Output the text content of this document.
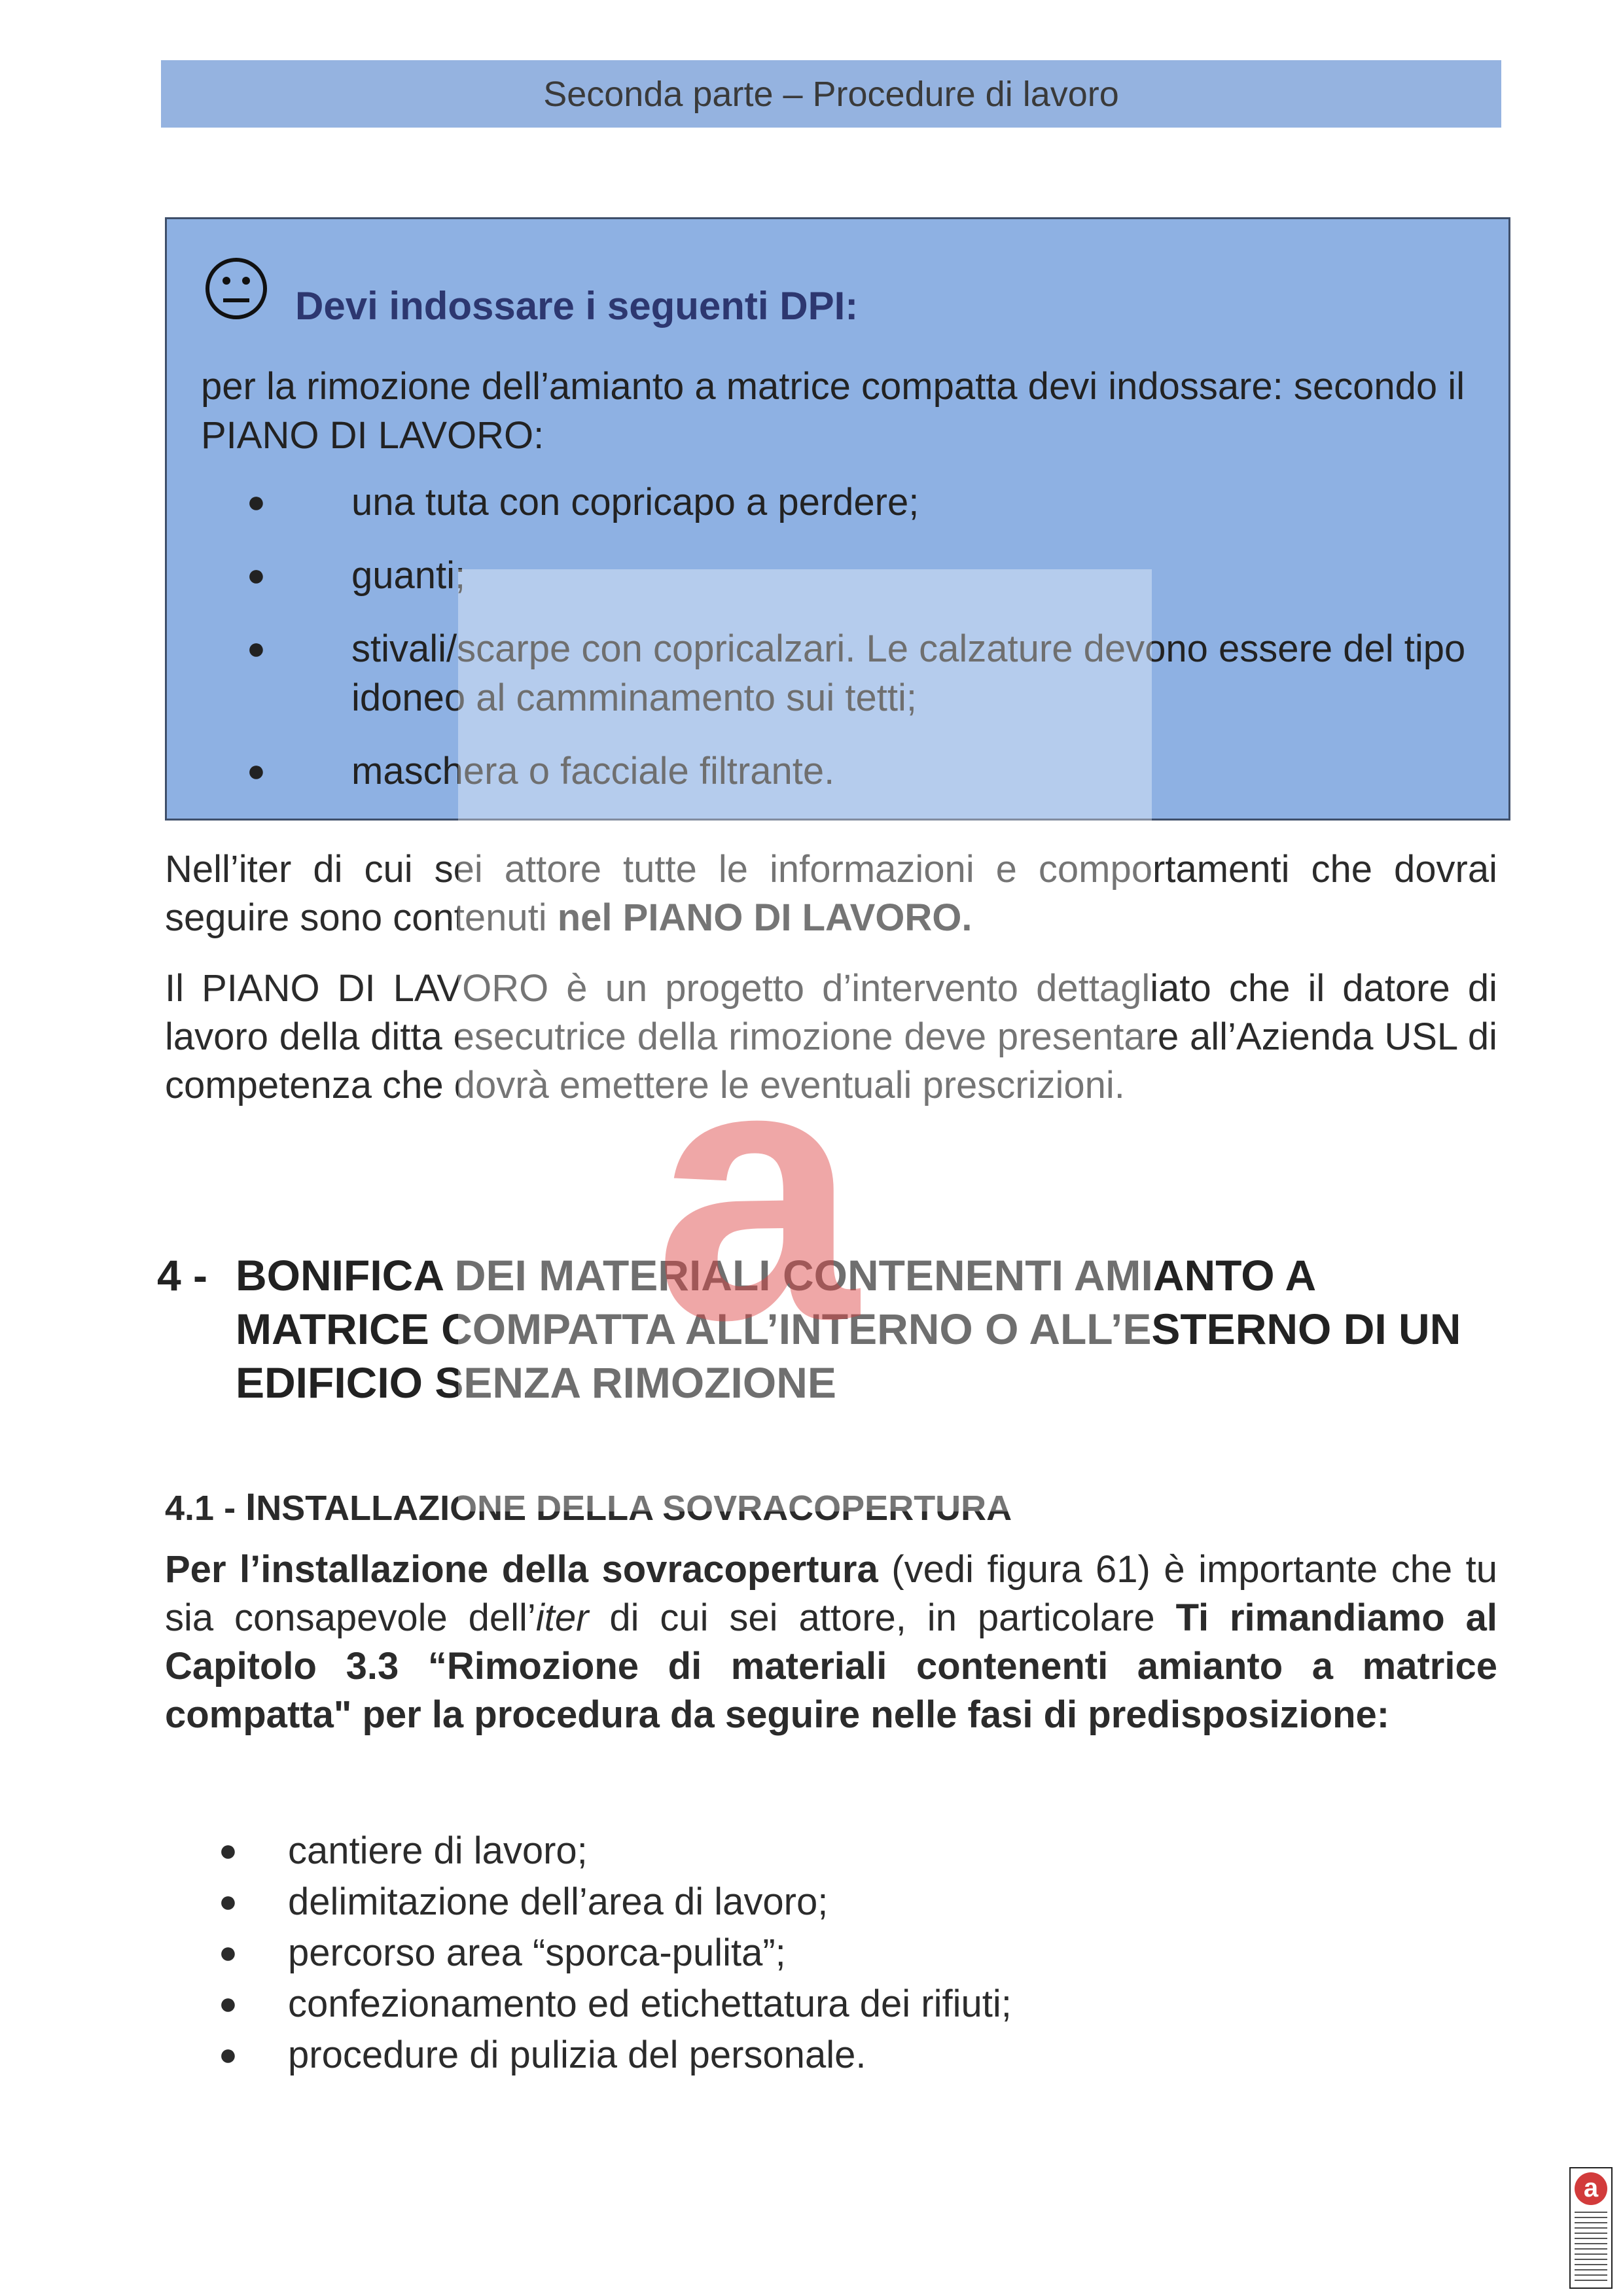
Seconda parte – Procedure di lavoro
Devi indossare i seguenti DPI:
per la rimozione dell’amianto a matrice compatta devi indossare: secondo il PIANO DI LAVORO:
● una tuta con copricapo a perdere;
● guanti;
● stivali/scarpe con copricalzari. Le calzature devono essere del tipo idoneo al camminamento sui tetti;
● maschera o facciale filtrante.
Nell’iter di cui sei attore tutte le informazioni e comportamenti che dovrai seguire sono contenuti nel PIANO DI LAVORO.
Il PIANO DI LAVORO è un progetto d’intervento dettagliato che il datore di lavoro della ditta esecutrice della rimozione deve presentare all’Azienda USL di competenza che dovrà emettere le eventuali prescrizioni.
4 - BONIFICA DEI MATERIALI CONTENENTI AMIANTO A MATRICE COMPATTA ALL’INTERNO O ALL’ESTERNO DI UN EDIFICIO SENZA RIMOZIONE
4.1 - INSTALLAZIONE DELLA SOVRACOPERTURA
Per l’installazione della sovracopertura (vedi figura 61) è importante che tu sia consapevole dell’iter di cui sei attore, in particolare Ti rimandiamo al Capitolo 3.3 “Rimozione di materiali contenenti amianto a matrice compatta" per la procedura da seguire nelle fasi di predisposizione:
● cantiere di lavoro;
● delimitazione dell’area di lavoro;
● percorso area “sporca-pulita”;
● confezionamento ed etichettatura dei rifiuti;
● procedure di pulizia del personale.
a
a
